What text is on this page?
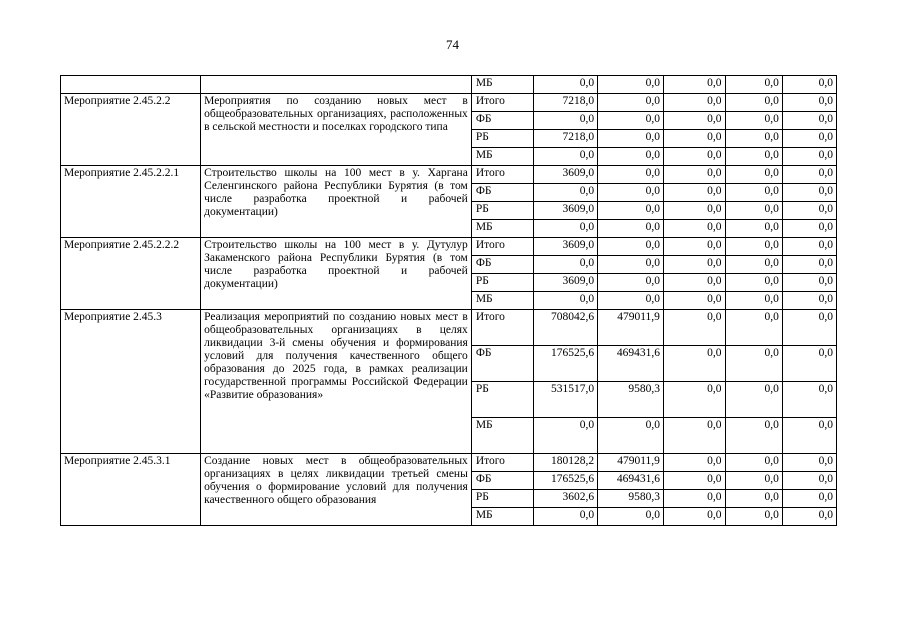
74
		МБ	0,0	0,0	0,0	0,0	0,0
Мероприятие 2.45.2.2	Мероприятия по созданию новых мест в общеобразовательных организациях, расположенных в сельской местности и поселках городского типа	Итого	7218,0	0,0	0,0	0,0	0,0
		ФБ	0,0	0,0	0,0	0,0	0,0
		РБ	7218,0	0,0	0,0	0,0	0,0
		МБ	0,0	0,0	0,0	0,0	0,0
Мероприятие 2.45.2.2.1	Строительство школы на 100 мест в у. Харгана Селенгинского района Республики Бурятия (в том числе разработка проектной и рабочей документации)	Итого	3609,0	0,0	0,0	0,0	0,0
		ФБ	0,0	0,0	0,0	0,0	0,0
		РБ	3609,0	0,0	0,0	0,0	0,0
		МБ	0,0	0,0	0,0	0,0	0,0
Мероприятие 2.45.2.2.2	Строительство школы на 100 мест в у. Дутулур Закаменского района Республики Бурятия (в том числе разработка проектной и рабочей документации)	Итого	3609,0	0,0	0,0	0,0	0,0
		ФБ	0,0	0,0	0,0	0,0	0,0
		РБ	3609,0	0,0	0,0	0,0	0,0
		МБ	0,0	0,0	0,0	0,0	0,0
Мероприятие 2.45.3	Реализация мероприятий по созданию новых мест в общеобразовательных организациях в целях ликвидации 3-й смены обучения и формирования условий для получения качественного общего образования до 2025 года, в рамках реализации государственной программы Российской Федерации «Развитие образования»	Итого	708042,6	479011,9	0,0	0,0	0,0
		ФБ	176525,6	469431,6	0,0	0,0	0,0
		РБ	531517,0	9580,3	0,0	0,0	0,0
		МБ	0,0	0,0	0,0	0,0	0,0
Мероприятие 2.45.3.1	Создание новых мест в общеобразовательных организациях в целях ликвидации третьей смены обучения о формирование условий для получения качественного общего образования	Итого	180128,2	479011,9	0,0	0,0	0,0
		ФБ	176525,6	469431,6	0,0	0,0	0,0
		РБ	3602,6	9580,3	0,0	0,0	0,0
		МБ	0,0	0,0	0,0	0,0	0,0
